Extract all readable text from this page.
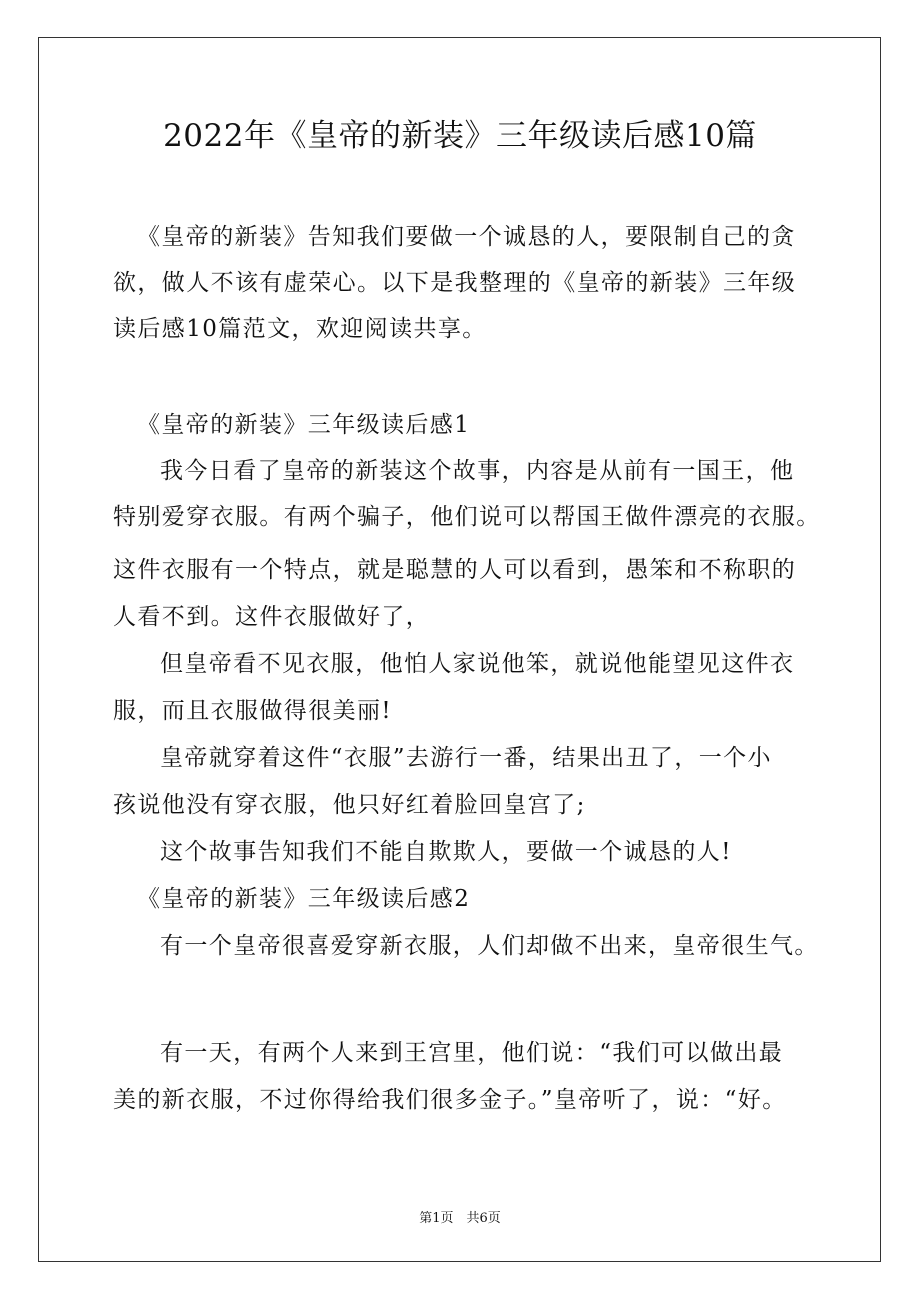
2022年《皇帝的新装》三年级读后感10篇
《皇帝的新装》告知我们要做一个诚恳的人，要限制自己的贪
欲，做人不该有虚荣心。以下是我整理的《皇帝的新装》三年级
读后感10篇范文，欢迎阅读共享。
《皇帝的新装》三年级读后感1
我今日看了皇帝的新装这个故事，内容是从前有一国王，他
特别爱穿衣服。有两个骗子，他们说可以帮国王做件漂亮的衣服。
这件衣服有一个特点，就是聪慧的人可以看到，愚笨和不称职的
人看不到。这件衣服做好了，
但皇帝看不见衣服，他怕人家说他笨，就说他能望见这件衣
服，而且衣服做得很美丽!
皇帝就穿着这件“衣服”去游行一番，结果出丑了，一个小
孩说他没有穿衣服，他只好红着脸回皇宫了;
这个故事告知我们不能自欺欺人，要做一个诚恳的人!
《皇帝的新装》三年级读后感2
有一个皇帝很喜爱穿新衣服，人们却做不出来，皇帝很生气。
有一天，有两个人来到王宫里，他们说：“我们可以做出最
美的新衣服，不过你得给我们很多金子。”皇帝听了，说：“好。
第1页　共6页
